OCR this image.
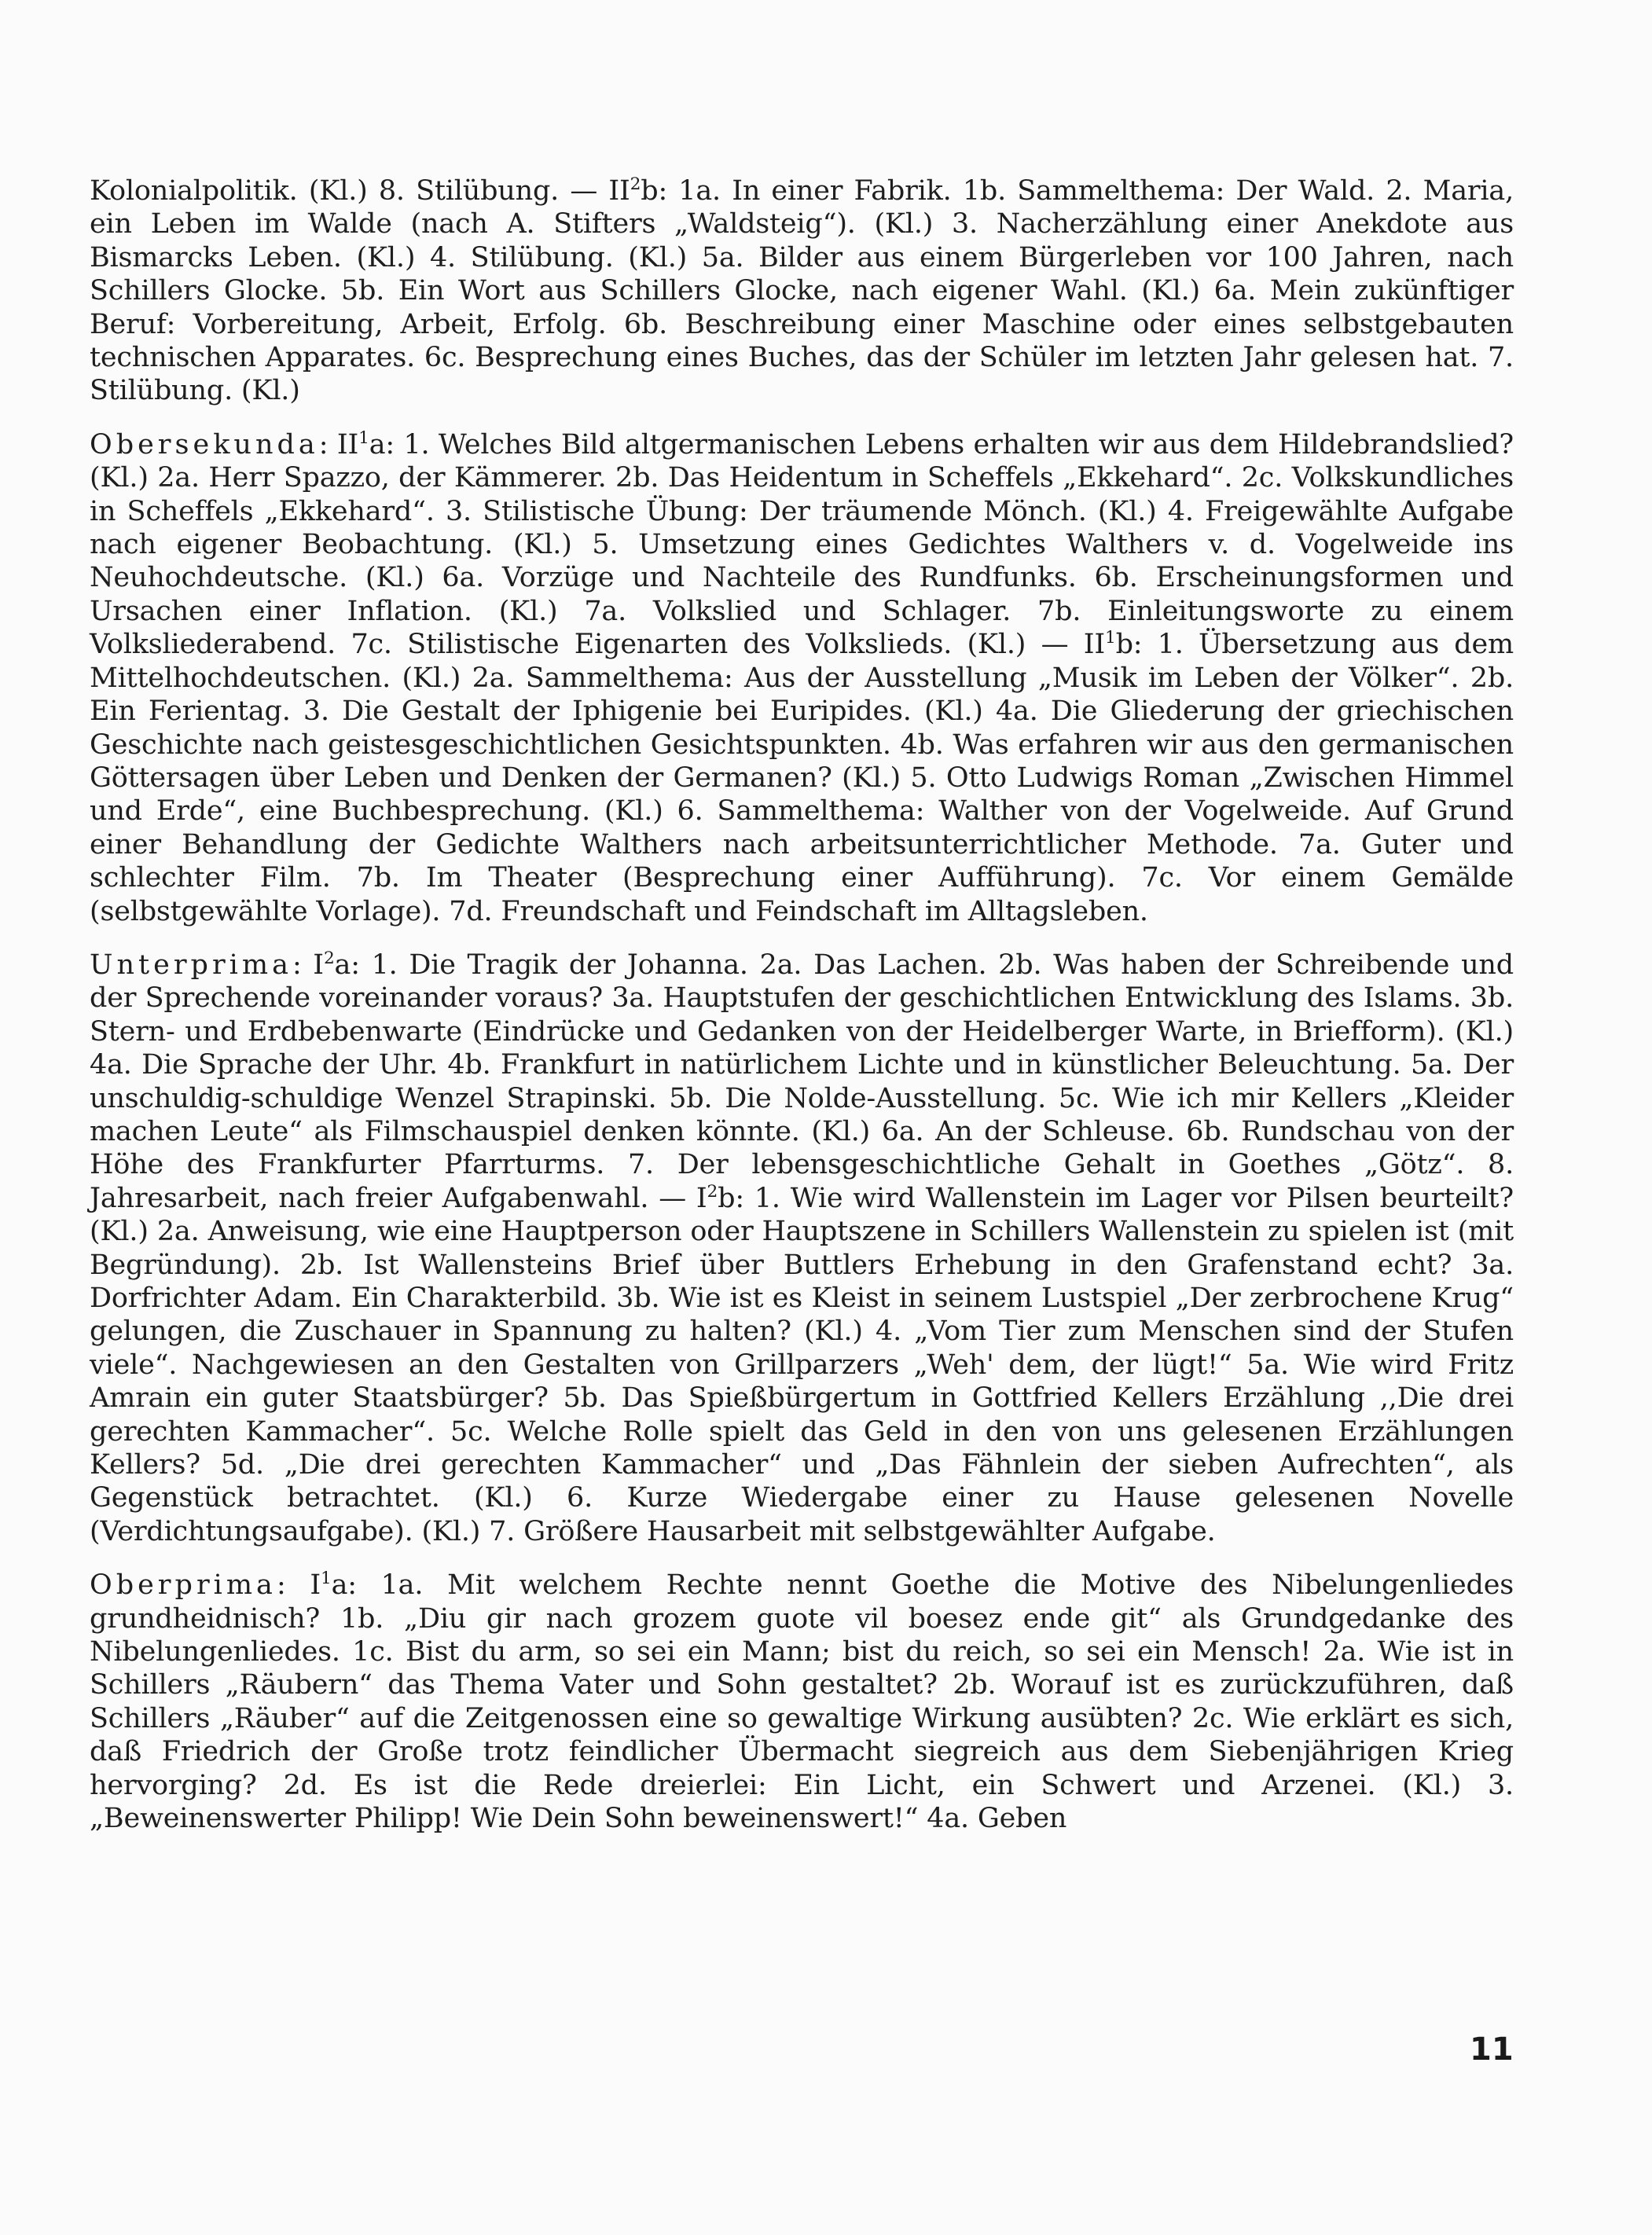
Kolonialpolitik. (Kl.) 8. Stilübung. — $II^2b$: 1a. In einer Fabrik. 1b. Sammelthema: Der Wald. 2. Maria, ein Leben im Walde (nach A. Stifters „Waldsteig“). (Kl.) 3. Nacherzählung einer Anekdote aus Bismarcks Leben. (Kl.) 4. Stilübung. (Kl.) 5a. Bilder aus einem Bürgerleben vor 100 Jahren, nach Schillers Glocke. 5b. Ein Wort aus Schillers Glocke, nach eigener Wahl. (Kl.) 6a. Mein zukünftiger Beruf: Vorbereitung, Arbeit, Erfolg. 6b. Beschreibung einer Maschine oder eines selbstgebauten technischen Apparates. 6c. Besprechung eines Buches, das der Schüler im letzten Jahr gelesen hat. 7. Stilübung. (Kl.)

Obersekunda: $II^1a$: 1. Welches Bild altgermanischen Lebens erhalten wir aus dem Hildebrandslied? (Kl.) 2a. Herr Spazzo, der Kämmerer. 2b. Das Heidentum in Scheffels „Ekkehard“. 2c. Volkskundliches in Scheffels „Ekkehard“. 3. Stilistische Übung: Der träumende Mönch. (Kl.) 4. Freigewählte Aufgabe nach eigener Beobachtung. (Kl.) 5. Umsetzung eines Gedichtes Walthers v. d. Vogelweide ins Neuhochdeutsche. (Kl.) 6a. Vorzüge und Nachteile des Rundfunks. 6b. Erscheinungsformen und Ursachen einer Inflation. (Kl.) 7a. Volkslied und Schlager. 7b. Einleitungsworte zu einem Volksliederabend. 7c. Stilistische Eigenarten des Volkslieds. (Kl.) — $II^1b$: 1. Übersetzung aus dem Mittelhochdeutschen. (Kl.) 2a. Sammelthema: Aus der Ausstellung „Musik im Leben der Völker“. 2b. Ein Ferientag. 3. Die Gestalt der Iphigenie bei Euripides. (Kl.) 4a. Die Gliederung der griechischen Geschichte nach geistesgeschichtlichen Gesichtspunkten. 4b. Was erfahren wir aus den germanischen Göttersagen über Leben und Denken der Germanen? (Kl.) 5. Otto Ludwigs Roman „Zwischen Himmel und Erde“, eine Buchbesprechung. (Kl.) 6. Sammelthema: Walther von der Vogelweide. Auf Grund einer Behandlung der Gedichte Walthers nach arbeitsunterrichtlicher Methode. 7a. Guter und schlechter Film. 7b. Im Theater (Besprechung einer Aufführung). 7c. Vor einem Gemälde (selbstgewählte Vorlage). 7d. Freundschaft und Feindschaft im Alltagsleben.

Unterprima: $I^2a$: 1. Die Tragik der Johanna. 2a. Das Lachen. 2b. Was haben der Schreibende und der Sprechende voreinander voraus? 3a. Hauptstufen der geschichtlichen Entwicklung des Islams. 3b. Stern- und Erdbebenwarte (Eindrücke und Gedanken von der Heidelberger Warte, in Briefform). (Kl.) 4a. Die Sprache der Uhr. 4b. Frankfurt in natürlichem Lichte und in künstlicher Beleuchtung. 5a. Der unschuldig-schuldige Wenzel Strapinski. 5b. Die Nolde-Ausstellung. 5c. Wie ich mir Kellers „Kleider machen Leute“ als Filmschauspiel denken könnte. (Kl.) 6a. An der Schleuse. 6b. Rundschau von der Höhe des Frankfurter Pfarrturms. 7. Der lebensgeschichtliche Gehalt in Goethes „Götz“. 8. Jahresarbeit, nach freier Aufgabenwahl. — $I^2b$: 1. Wie wird Wallenstein im Lager vor Pilsen beurteilt? (Kl.) 2a. Anweisung, wie eine Hauptperson oder Hauptszene in Schillers Wallenstein zu spielen ist (mit Begründung). 2b. Ist Wallensteins Brief über Buttlers Erhebung in den Grafenstand echt? 3a. Dorfrichter Adam. Ein Charakterbild. 3b. Wie ist es Kleist in seinem Lustspiel „Der zerbrochene Krug“ gelungen, die Zuschauer in Spannung zu halten? (Kl.) 4. „Vom Tier zum Menschen sind der Stufen viele“. Nachgewiesen an den Gestalten von Grillparzers „Weh' dem, der lügt!“ 5a. Wie wird Fritz Amrain ein guter Staatsbürger? 5b. Das Spießbürgertum in Gottfried Kellers Erzählung ,,Die drei gerechten Kammacher“. 5c. Welche Rolle spielt das Geld in den von uns gelesenen Erzählungen Kellers? 5d. „Die drei gerechten Kammacher“ und „Das Fähnlein der sieben Aufrechten“, als Gegenstück betrachtet. (Kl.) 6. Kurze Wiedergabe einer zu Hause gelesenen Novelle (Verdichtungsaufgabe). (Kl.) 7. Größere Hausarbeit mit selbstgewählter Aufgabe.

Oberprima: $I^1a$: 1a. Mit welchem Rechte nennt Goethe die Motive des Nibelungenliedes grundheidnisch? 1b. „Diu gir nach grozem guote vil boesez ende git“ als Grundgedanke des Nibelungenliedes. 1c. Bist du arm, so sei ein Mann; bist du reich, so sei ein Mensch! 2a. Wie ist in Schillers „Räubern“ das Thema Vater und Sohn gestaltet? 2b. Worauf ist es zurückzuführen, daß Schillers „Räuber“ auf die Zeitgenossen eine so gewaltige Wirkung ausübten? 2c. Wie erklärt es sich, daß Friedrich der Große trotz feindlicher Übermacht siegreich aus dem Siebenjährigen Krieg hervorging? 2d. Es ist die Rede dreierlei: Ein Licht, ein Schwert und Arzenei. (Kl.) 3. „Beweinenswerter Philipp! Wie Dein Sohn beweinenswert!“ 4a. Geben

11
